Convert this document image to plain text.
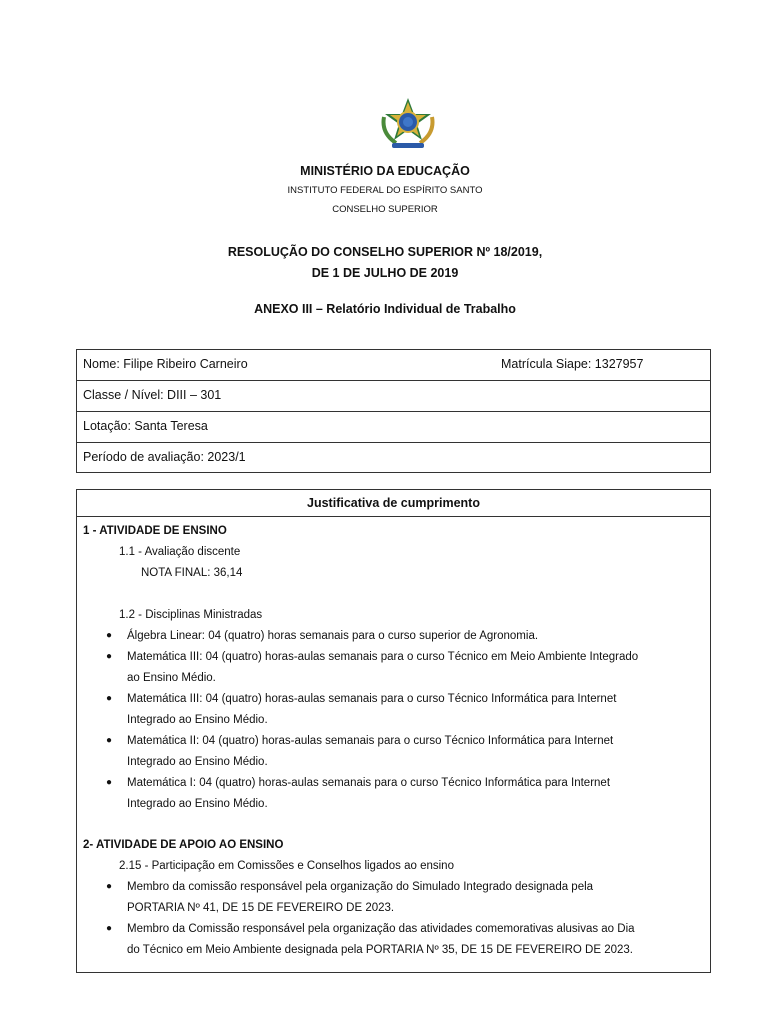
MINISTÉRIO DA EDUCAÇÃO
INSTITUTO FEDERAL DO ESPÍRITO SANTO
CONSELHO SUPERIOR
RESOLUÇÃO DO CONSELHO SUPERIOR Nº 18/2019,
DE 1 DE JULHO DE 2019
ANEXO III – Relatório Individual de Trabalho
Nome: Filipe Ribeiro Carneiro	Matrícula Siape: 1327957
Classe / Nível: DIII – 301
Lotação: Santa Teresa
Período de avaliação: 2023/1
Justificativa de cumprimento
1 - ATIVIDADE DE ENSINO
1.1 - Avaliação discente
NOTA FINAL: 36,14
1.2 - Disciplinas Ministradas
● Álgebra Linear: 04 (quatro) horas semanais para o curso superior de Agronomia.
● Matemática III: 04 (quatro) horas-aulas semanais para o curso Técnico em Meio Ambiente Integrado
ao Ensino Médio.
● Matemática III: 04 (quatro) horas-aulas semanais para o curso Técnico Informática para Internet
Integrado ao Ensino Médio.
● Matemática II: 04 (quatro) horas-aulas semanais para o curso Técnico Informática para Internet
Integrado ao Ensino Médio.
● Matemática I: 04 (quatro) horas-aulas semanais para o curso Técnico Informática para Internet
Integrado ao Ensino Médio.
2- ATIVIDADE DE APOIO AO ENSINO
2.15 - Participação em Comissões e Conselhos ligados ao ensino
● Membro da comissão responsável pela organização do Simulado Integrado designada pela
PORTARIA Nº 41, DE 15 DE FEVEREIRO DE 2023.
● Membro da Comissão responsável pela organização das atividades comemorativas alusivas ao Dia
do Técnico em Meio Ambiente designada pela PORTARIA Nº 35, DE 15 DE FEVEREIRO DE 2023.
